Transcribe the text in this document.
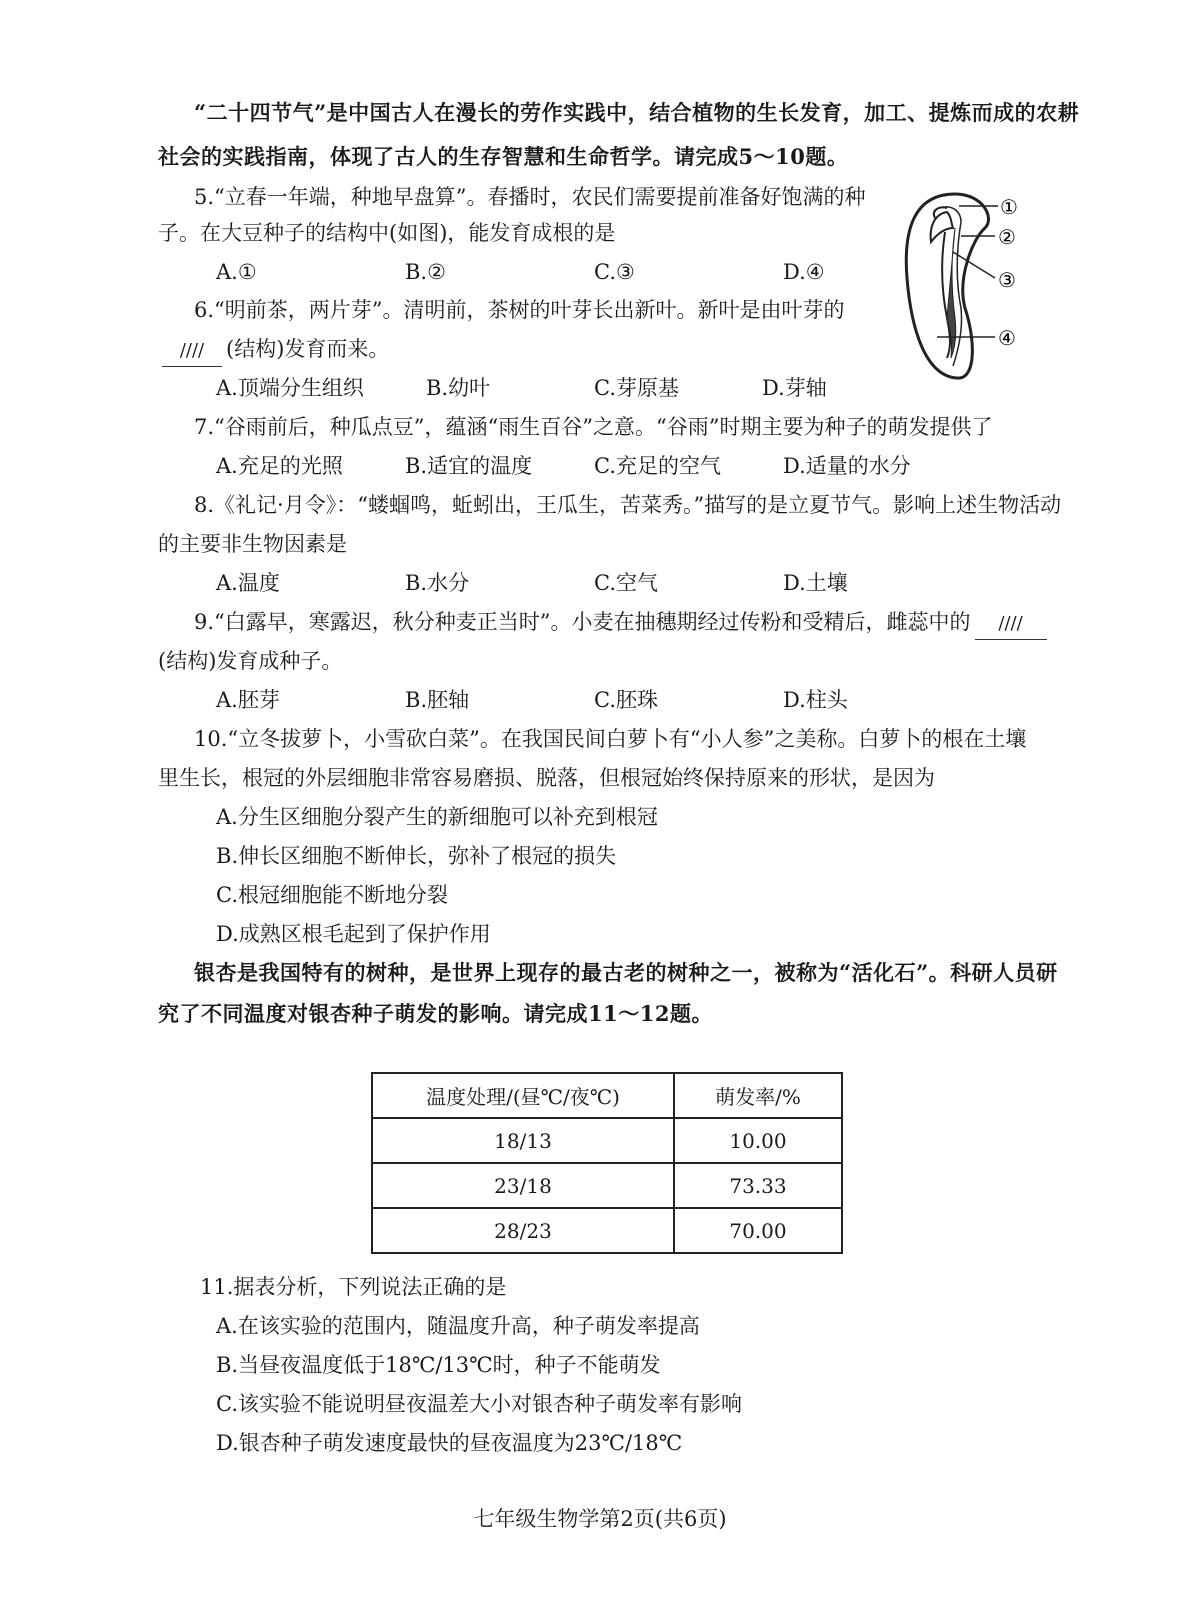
“二十四节气”是中国古人在漫长的劳作实践中，结合植物的生长发育，加工、提炼而成的农耕
社会的实践指南，体现了古人的生存智慧和生命哲学。请完成5～10题。
5.“立春一年端，种地早盘算”。春播时，农民们需要提前准备好饱满的种
子。在大豆种子的结构中(如图)，能发育成根的是
A.①	B.②	C.③	D.④
①
②
③
④
6.“明前茶，两片芽”。清明前，茶树的叶芽长出新叶。新叶是由叶芽的
//// (结构)发育而来。
A.顶端分生组织	B.幼叶	C.芽原基	D.芽轴
7.“谷雨前后，种瓜点豆”，蕴涵“雨生百谷”之意。“谷雨”时期主要为种子的萌发提供了
A.充足的光照	B.适宜的温度	C.充足的空气	D.适量的水分
8.《礼记·月令》：“蝼蝈鸣，蚯蚓出，王瓜生，苦菜秀。”描写的是立夏节气。影响上述生物活动
的主要非生物因素是
A.温度	B.水分	C.空气	D.土壤
9.“白露早，寒露迟，秋分种麦正当时”。小麦在抽穗期经过传粉和受精后，雌蕊中的 ////
(结构)发育成种子。
A.胚芽	B.胚轴	C.胚珠	D.柱头
10.“立冬拔萝卜，小雪砍白菜”。在我国民间白萝卜有“小人参”之美称。白萝卜的根在土壤
里生长，根冠的外层细胞非常容易磨损、脱落，但根冠始终保持原来的形状，是因为
A.分生区细胞分裂产生的新细胞可以补充到根冠
B.伸长区细胞不断伸长，弥补了根冠的损失
C.根冠细胞能不断地分裂
D.成熟区根毛起到了保护作用
银杏是我国特有的树种，是世界上现存的最古老的树种之一，被称为“活化石”。科研人员研
究了不同温度对银杏种子萌发的影响。请完成11～12题。
温度处理/(昼℃/夜℃)	萌发率/%
18/13	10.00
23/18	73.33
28/23	70.00
11.据表分析，下列说法正确的是
A.在该实验的范围内，随温度升高，种子萌发率提高
B.当昼夜温度低于18℃/13℃时，种子不能萌发
C.该实验不能说明昼夜温差大小对银杏种子萌发率有影响
D.银杏种子萌发速度最快的昼夜温度为23℃/18℃
七年级生物学第2页(共6页)
